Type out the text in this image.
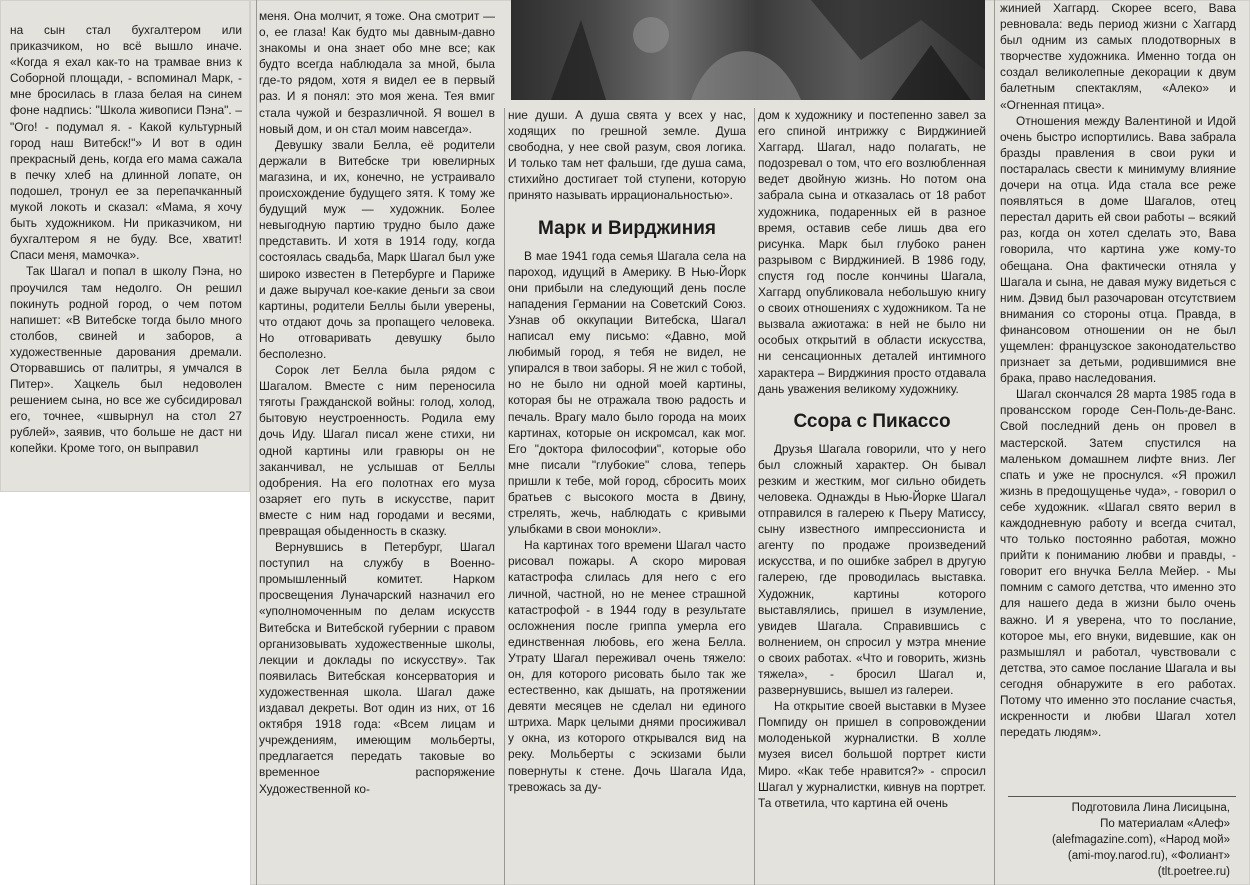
на сын стал бухгалтером или приказчиком, но всё вышло иначе. «Когда я ехал как-то на трамвае вниз к Соборной площади, - вспоминал Марк, - мне бросилась в глаза белая на синем фоне надпись: "Школа живописи Пэна". – "Ого! - подумал я. - Какой культурный город наш Витебск!"» И вот в один прекрасный день, когда его мама сажала в печку хлеб на длинной лопате, он подошел, тронул ее за перепачканный мукой локоть и сказал: «Мама, я хочу быть художником. Ни приказчиком, ни бухгалтером я не буду. Все, хватит! Спаси меня, мамочка».

Так Шагал и попал в школу Пэна, но проучился там недолго. Он решил покинуть родной город, о чем потом напишет: «В Витебске тогда было много столбов, свиней и заборов, а художественные дарования дремали. Оторвавшись от палитры, я умчался в Питер». Хацкель был недоволен решением сына, но все же субсидировал его, точнее, «швырнул на стол 27 рублей», заявив, что больше не даст ни копейки. Кроме того, он выправил

меня. Она молчит, я тоже. Она смотрит — о, ее глаза! Как будто мы давным-давно знакомы и она знает обо мне все; как будто всегда наблюдала за мной, была где-то рядом, хотя я видел ее в первый раз. И я понял: это моя жена. Тея вмиг стала чужой и безразличной. Я вошел в новый дом, и он стал моим навсегда».

Девушку звали Белла, её родители держали в Витебске три ювелирных магазина, и их, конечно, не устраивало происхождение будущего зятя. К тому же будущий муж — художник. Более невыгодную партию трудно было даже представить. И хотя в 1914 году, когда состоялась свадьба, Марк Шагал был уже широко известен в Петербурге и Париже и даже выручал кое-какие деньги за свои картины, родители Беллы были уверены, что отдают дочь за пропащего человека. Но отговаривать девушку было бесполезно.

Сорок лет Белла была рядом с Шагалом. Вместе с ним переносила тяготы Гражданской войны: голод, холод, бытовую неустроенность. Родила ему дочь Иду. Шагал писал жене стихи, ни одной картины или гравюры он не заканчивал, не услышав от Беллы одобрения. На его полотнах его муза озаряет его путь в искусстве, парит вместе с ним над городами и весями, превращая обыденность в сказку.

Вернувшись в Петербург, Шагал поступил на службу в Военно-промышленный комитет. Нарком просвещения Луначарский назначил его «уполномоченным по делам искусств Витебска и Витебской губернии с правом организовывать художественные школы, лекции и доклады по искусству». Так появилась Витебская консерватория и художественная школа. Шагал даже издавал декреты. Вот один из них, от 16 октября 1918 года: «Всем лицам и учреждениям, имеющим мольберты, предлагается передать таковые во временное распоряжение Художественной ко-

ние души. А душа свята у всех у нас, ходящих по грешной земле. Душа свободна, у нее свой разум, своя логика. И только там нет фальши, где душа сама, стихийно достигает той ступени, которую принято называть иррациональностью».

Марк и Вирджиния

В мае 1941 года семья Шагала села на пароход, идущий в Америку. В Нью-Йорк они прибыли на следующий день после нападения Германии на Советский Союз. Узнав об оккупации Витебска, Шагал написал ему письмо: «Давно, мой любимый город, я тебя не видел, не упирался в твои заборы. Я не жил с тобой, но не было ни одной моей картины, которая бы не отражала твою радость и печаль. Врагу мало было города на моих картинах, которые он искромсал, как мог. Его "доктора философии", которые обо мне писали "глубокие" слова, теперь пришли к тебе, мой город, сбросить моих братьев с высокого моста в Двину, стрелять, жечь, наблюдать с кривыми улыбками в свои монокли».

На картинах того времени Шагал часто рисовал пожары. А скоро мировая катастрофа слилась для него с его личной, частной, но не менее страшной катастрофой - в 1944 году в результате осложнения после гриппа умерла его единственная любовь, его жена Белла. Утрату Шагал переживал очень тяжело: он, для которого рисовать было так же естественно, как дышать, на протяжении девяти месяцев не сделал ни единого штриха. Марк целыми днями просиживал у окна, из которого открывался вид на реку. Мольберты с эскизами были повернуты к стене. Дочь Шагала Ида, тревожась за ду-

дом к художнику и постепенно завел за его спиной интрижку с Вирджинией Хаггард. Шагал, надо полагать, не подозревал о том, что его возлюбленная ведет двойную жизнь. Но потом она забрала сына и отказалась от 18 работ художника, подаренных ей в разное время, оставив себе лишь два его рисунка. Марк был глубоко ранен разрывом с Вирджинией. В 1986 году, спустя год после кончины Шагала, Хаггард опубликовала небольшую книгу о своих отношениях с художником. Та не вызвала ажиотажа: в ней не было ни особых открытий в области искусства, ни сенсационных деталей интимного характера – Вирджиния просто отдавала дань уважения великому художнику.

Ссора с Пикассо

Друзья Шагала говорили, что у него был сложный характер. Он бывал резким и жестким, мог сильно обидеть человека. Однажды в Нью-Йорке Шагал отправился в галерею к Пьеру Матиссу, сыну известного импрессиониста и агенту по продаже произведений искусства, и по ошибке забрел в другую галерею, где проводилась выставка. Художник, картины которого выставлялись, пришел в изумление, увидев Шагала. Справившись с волнением, он спросил у мэтра мнение о своих работах. «Что и говорить, жизнь тяжела», - бросил Шагал и, развернувшись, вышел из галереи.

На открытие своей выставки в Музее Помпиду он пришел в сопровождении молоденькой журналистки. В холле музея висел большой портрет кисти Миро. «Как тебе нравится?» - спросил Шагал у журналистки, кивнув на портрет. Та ответила, что картина ей очень

жинией Хаггард. Скорее всего, Вава ревновала: ведь период жизни с Хаггард был одним из самых плодотворных в творчестве художника. Именно тогда он создал великолепные декорации к двум балетным спектаклям, «Алеко» и «Огненная птица».

Отношения между Валентиной и Идой очень быстро испортились. Вава забрала бразды правления в свои руки и постаралась свести к минимуму влияние дочери на отца. Ида стала все реже появляться в доме Шагалов, отец перестал дарить ей свои работы – всякий раз, когда он хотел сделать это, Вава говорила, что картина уже кому-то обещана. Она фактически отняла у Шагала и сына, не давая мужу видеться с ним. Дэвид был разочарован отсутствием внимания со стороны отца. Правда, в финансовом отношении он не был ущемлен: французское законодательство признает за детьми, родившимися вне брака, право наследования.

Шагал скончался 28 марта 1985 года в провансском городе Сен-Поль-де-Ванс. Свой последний день он провел в мастерской. Затем спустился на маленьком домашнем лифте вниз. Лег спать и уже не проснулся. «Я прожил жизнь в предощущенье чуда», - говорил о себе художник. «Шагал свято верил в каждодневную работу и всегда считал, что только постоянно работая, можно прийти к пониманию любви и правды, - говорит его внучка Белла Мейер. - Мы помним с самого детства, что именно это для нашего деда в жизни было очень важно. И я уверена, что то послание, которое мы, его внуки, видевшие, как он размышлял и работал, чувствовали с детства, это самое послание Шагала и вы сегодня обнаружите в его работах. Потому что именно это послание счастья, искренности и любви Шагал хотел передать людям».

Подготовила Лина Лисицына,
По материалам «Алеф»
(alefmagazine.com), «Народ мой»
(ami-moy.narod.ru), «Фолиант»
(tlt.poetree.ru)
